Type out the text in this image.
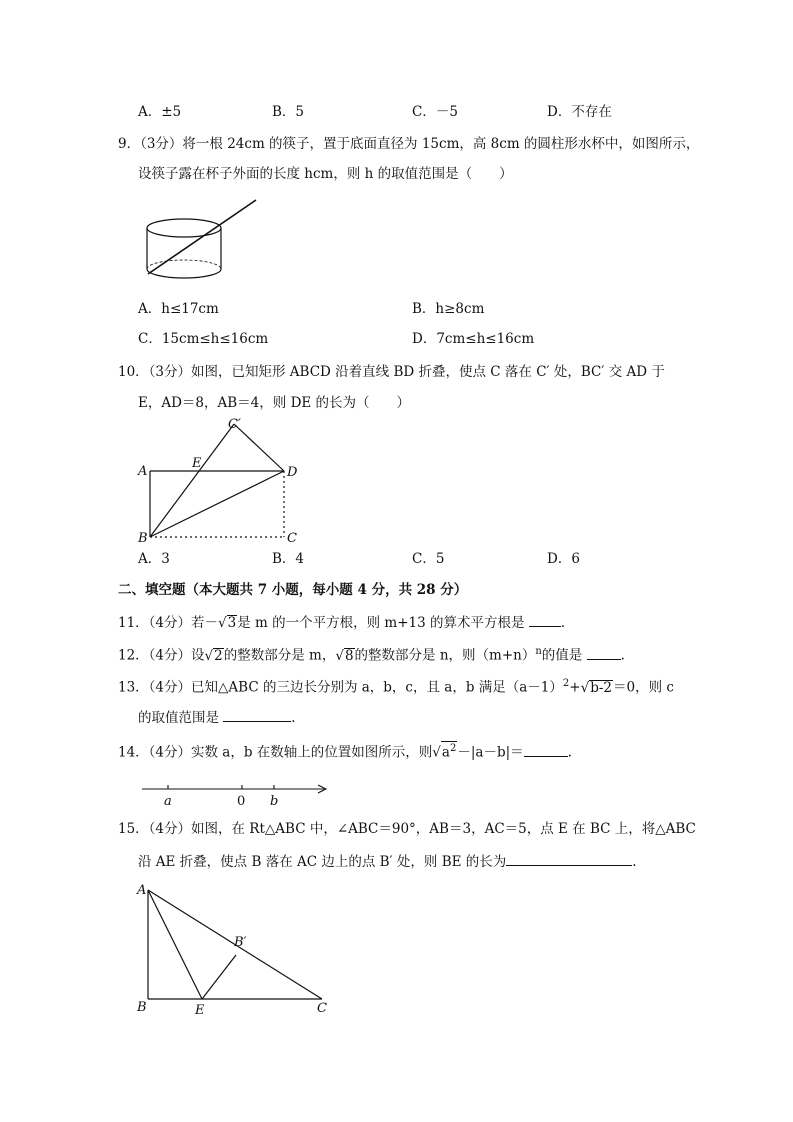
A．±5	B．5	C．－5	D．不存在
9．（3分）将一根 24cm 的筷子，置于底面直径为 15cm，高 8cm 的圆柱形水杯中，如图所示，
设筷子露在杯子外面的长度 hcm，则 h 的取值范围是（　　）
A．h≤17cm	B．h≥8cm
C．15cm≤h≤16cm	D．7cm≤h≤16cm
10．（3分）如图，已知矩形 ABCD 沿着直线 BD 折叠，使点 C 落在 C′ 处，BC′ 交 AD 于
E，AD＝8，AB＝4，则 DE 的长为（　　）
C′
A
E
D
B	C
A．3	B．4	C．5	D．6
二、填空题（本大题共 7 小题，每小题 4 分，共 28 分）
11．（4分）若－√3是 m 的一个平方根，则 m+13 的算术平方根是	.
12．（4分）设√2的整数部分是 m，√8的整数部分是 n，则$(m+n)^n$的值是	.
13．（4分）已知△ABC 的三边长分别为 a，b，c，且 a，b 满足$(a-1)^2+√b-2=0$，则 c
的取值范围是	.
14．（4分）实数 a，b 在数轴上的位置如图所示，则$√a^2-|a-b|=$	.
a	0 b
15．（4分）如图，在 Rt△ABC 中，∠ABC＝90°，AB＝3，AC＝5，点 E 在 BC 上，将△ABC
沿 AE 折叠，使点 B 落在 AC 边上的点 B′ 处，则 BE 的长为	.
A
B′
B	E	C
